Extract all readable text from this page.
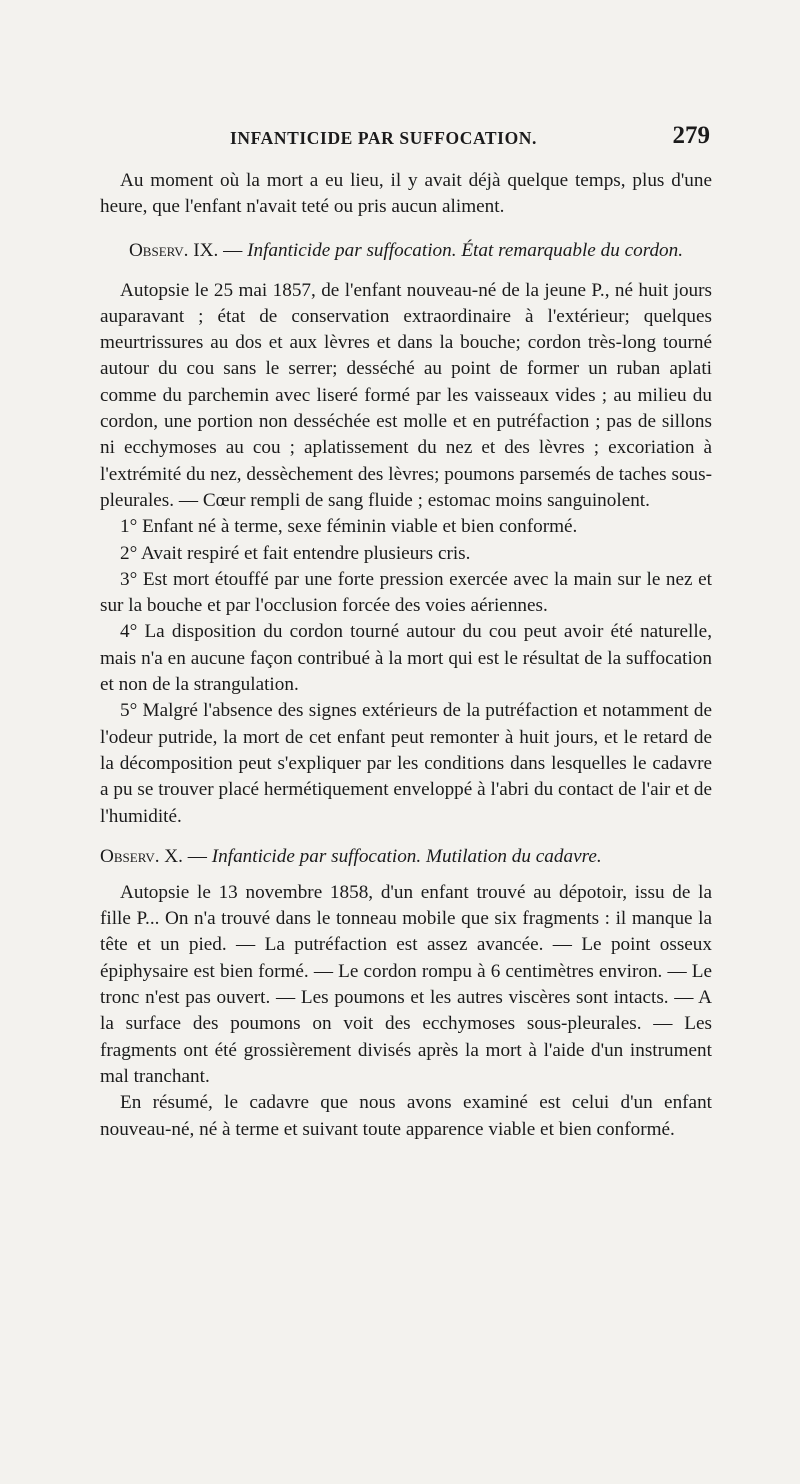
INFANTICIDE PAR SUFFOCATION.	279

Au moment où la mort a eu lieu, il y avait déjà quelque temps, plus d'une heure, que l'enfant n'avait teté ou pris aucun aliment.

Observ. IX. — Infanticide par suffocation. État remarquable du cordon.

Autopsie le 25 mai 1857, de l'enfant nouveau-né de la jeune P., né huit jours auparavant ; état de conservation extraordinaire à l'extérieur; quelques meurtrissures au dos et aux lèvres et dans la bouche; cordon très-long tourné autour du cou sans le serrer; desséché au point de former un ruban aplati comme du parchemin avec liseré formé par les vaisseaux vides ; au milieu du cordon, une portion non desséchée est molle et en putréfaction ; pas de sillons ni ecchymoses au cou ; aplatissement du nez et des lèvres ; excoriation à l'extrémité du nez, dessèchement des lèvres; poumons parsemés de taches sous-pleurales. — Cœur rempli de sang fluide ; estomac moins sanguinolent.

1° Enfant né à terme, sexe féminin viable et bien conformé.

2° Avait respiré et fait entendre plusieurs cris.

3° Est mort étouffé par une forte pression exercée avec la main sur le nez et sur la bouche et par l'occlusion forcée des voies aériennes.

4° La disposition du cordon tourné autour du cou peut avoir été naturelle, mais n'a en aucune façon contribué à la mort qui est le résultat de la suffocation et non de la strangulation.

5° Malgré l'absence des signes extérieurs de la putréfaction et notamment de l'odeur putride, la mort de cet enfant peut remonter à huit jours, et le retard de la décomposition peut s'expliquer par les conditions dans lesquelles le cadavre a pu se trouver placé hermétiquement enveloppé à l'abri du contact de l'air et de l'humidité.

Observ. X. — Infanticide par suffocation. Mutilation du cadavre.

Autopsie le 13 novembre 1858, d'un enfant trouvé au dépotoir, issu de la fille P... On n'a trouvé dans le tonneau mobile que six fragments : il manque la tête et un pied. — La putréfaction est assez avancée. — Le point osseux épiphysaire est bien formé. — Le cordon rompu à 6 centimètres environ. — Le tronc n'est pas ouvert. — Les poumons et les autres viscères sont intacts. — A la surface des poumons on voit des ecchymoses sous-pleurales. — Les fragments ont été grossièrement divisés après la mort à l'aide d'un instrument mal tranchant.

En résumé, le cadavre que nous avons examiné est celui d'un enfant nouveau-né, né à terme et suivant toute apparence viable et bien conformé.
